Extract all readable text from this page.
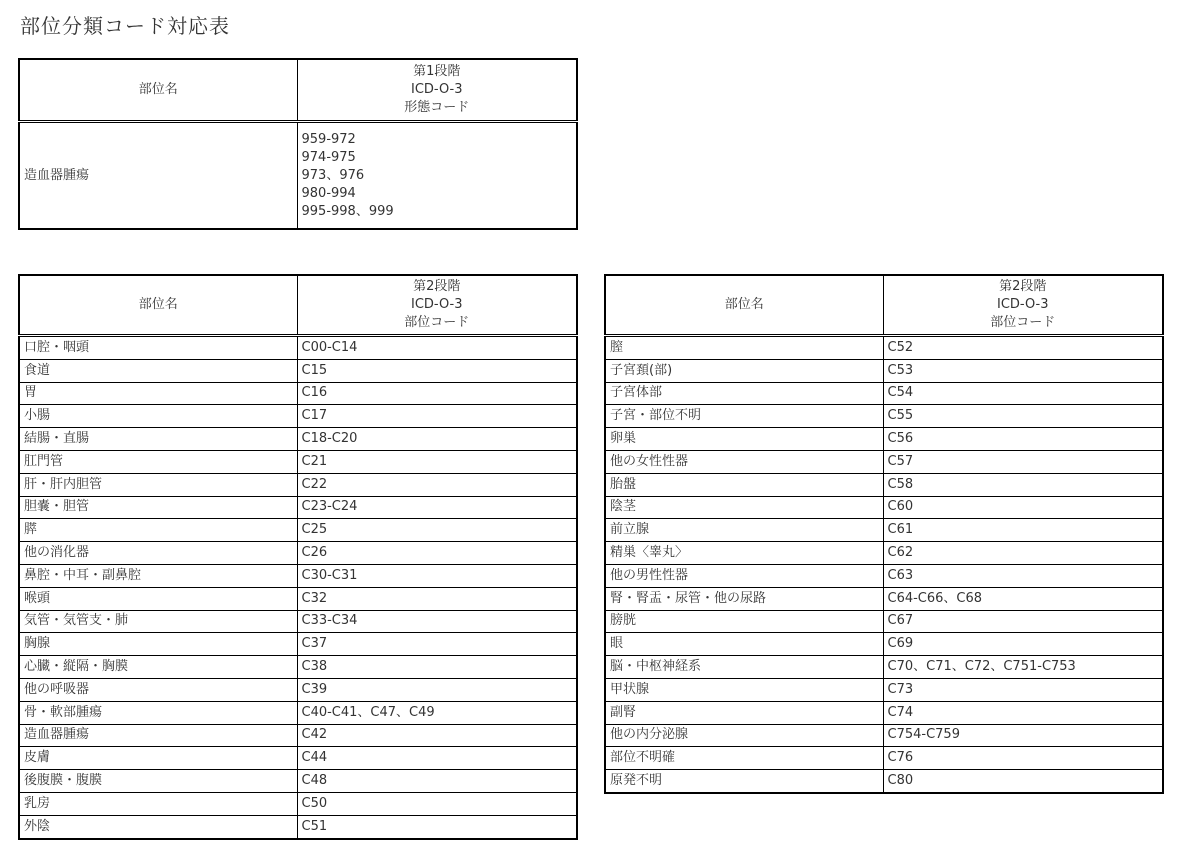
部位分類コード対応表
部位名	第1段階
ICD-O-3
形態コード

造血器腫瘍	959-972
974-975
973、976
980-994
995-998、999
部位名	第2段階
ICD-O-3
部位コード

口腔・咽頭	C00-C14
食道	C15
胃	C16
小腸	C17
結腸・直腸	C18-C20
肛門管	C21
肝・肝内胆管	C22
胆嚢・胆管	C23-C24
膵	C25
他の消化器	C26
鼻腔・中耳・副鼻腔	C30-C31
喉頭	C32
気管・気管支・肺	C33-C34
胸腺	C37
心臓・縦隔・胸膜	C38
他の呼吸器	C39
骨・軟部腫瘍	C40-C41、C47、C49
造血器腫瘍	C42
皮膚	C44
後腹膜・腹膜	C48
乳房	C50
外陰	C51
部位名	第2段階
ICD-O-3
部位コード

膣	C52
子宮頚(部)	C53
子宮体部	C54
子宮・部位不明	C55
卵巣	C56
他の女性性器	C57
胎盤	C58
陰茎	C60
前立腺	C61
精巣〈睾丸〉	C62
他の男性性器	C63
腎・腎盂・尿管・他の尿路	C64-C66、C68
膀胱	C67
眼	C69
脳・中枢神経系	C70、C71、C72、C751-C753
甲状腺	C73
副腎	C74
他の内分泌腺	C754-C759
部位不明確	C76
原発不明	C80
